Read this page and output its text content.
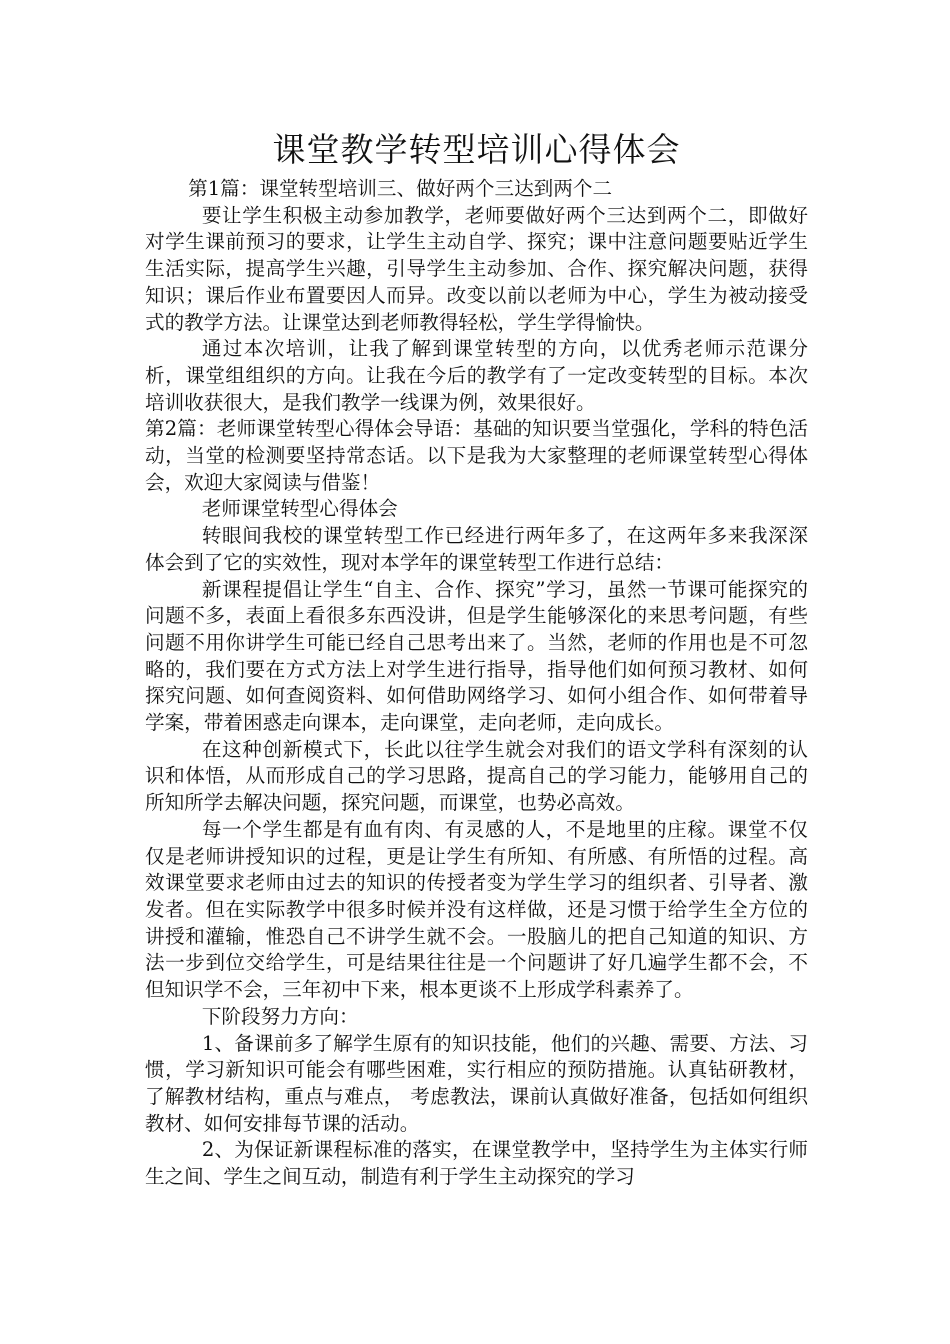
课堂教学转型培训心得体会

第1篇：课堂转型培训三、做好两个三达到两个二

要让学生积极主动参加教学，老师要做好两个三达到两个二，即做好对学生课前预习的要求，让学生主动自学、探究；课中注意问题要贴近学生生活实际，提高学生兴趣，引导学生主动参加、合作、探究解决问题，获得知识；课后作业布置要因人而异。改变以前以老师为中心，学生为被动接受式的教学方法。让课堂达到老师教得轻松，学生学得愉快。

通过本次培训，让我了解到课堂转型的方向，以优秀老师示范课分析，课堂组组织的方向。让我在今后的教学有了一定改变转型的目标。本次培训收获很大，是我们教学一线课为例，效果很好。

第2篇：老师课堂转型心得体会导语：基础的知识要当堂强化，学科的特色活动，当堂的检测要坚持常态话。以下是我为大家整理的老师课堂转型心得体会，欢迎大家阅读与借鉴！

老师课堂转型心得体会

转眼间我校的课堂转型工作已经进行两年多了，在这两年多来我深深体会到了它的实效性，现对本学年的课堂转型工作进行总结：

新课程提倡让学生“自主、合作、探究”学习，虽然一节课可能探究的问题不多，表面上看很多东西没讲，但是学生能够深化的来思考问题，有些问题不用你讲学生可能已经自己思考出来了。当然，老师的作用也是不可忽略的，我们要在方式方法上对学生进行指导，指导他们如何预习教材、如何探究问题、如何查阅资料、如何借助网络学习、如何小组合作、如何带着导学案，带着困惑走向课本，走向课堂，走向老师，走向成长。

在这种创新模式下，长此以往学生就会对我们的语文学科有深刻的认识和体悟，从而形成自己的学习思路，提高自己的学习能力，能够用自己的所知所学去解决问题，探究问题，而课堂，也势必高效。

每一个学生都是有血有肉、有灵感的人，不是地里的庄稼。课堂不仅仅是老师讲授知识的过程，更是让学生有所知、有所感、有所悟的过程。高效课堂要求老师由过去的知识的传授者变为学生学习的组织者、引导者、激发者。但在实际教学中很多时候并没有这样做，还是习惯于给学生全方位的讲授和灌输，惟恐自己不讲学生就不会。一股脑儿的把自己知道的知识、方法一步到位交给学生，可是结果往往是一个问题讲了好几遍学生都不会，不但知识学不会，三年初中下来，根本更谈不上形成学科素养了。

下阶段努力方向：

1、备课前多了解学生原有的知识技能，他们的兴趣、需要、方法、习惯，学习新知识可能会有哪些困难，实行相应的预防措施。认真钻研教材，了解教材结构，重点与难点， 考虑教法，课前认真做好准备，包括如何组织教材、如何安排每节课的活动。

2、为保证新课程标准的落实，在课堂教学中，坚持学生为主体实行师生之间、学生之间互动，制造有利于学生主动探究的学习
